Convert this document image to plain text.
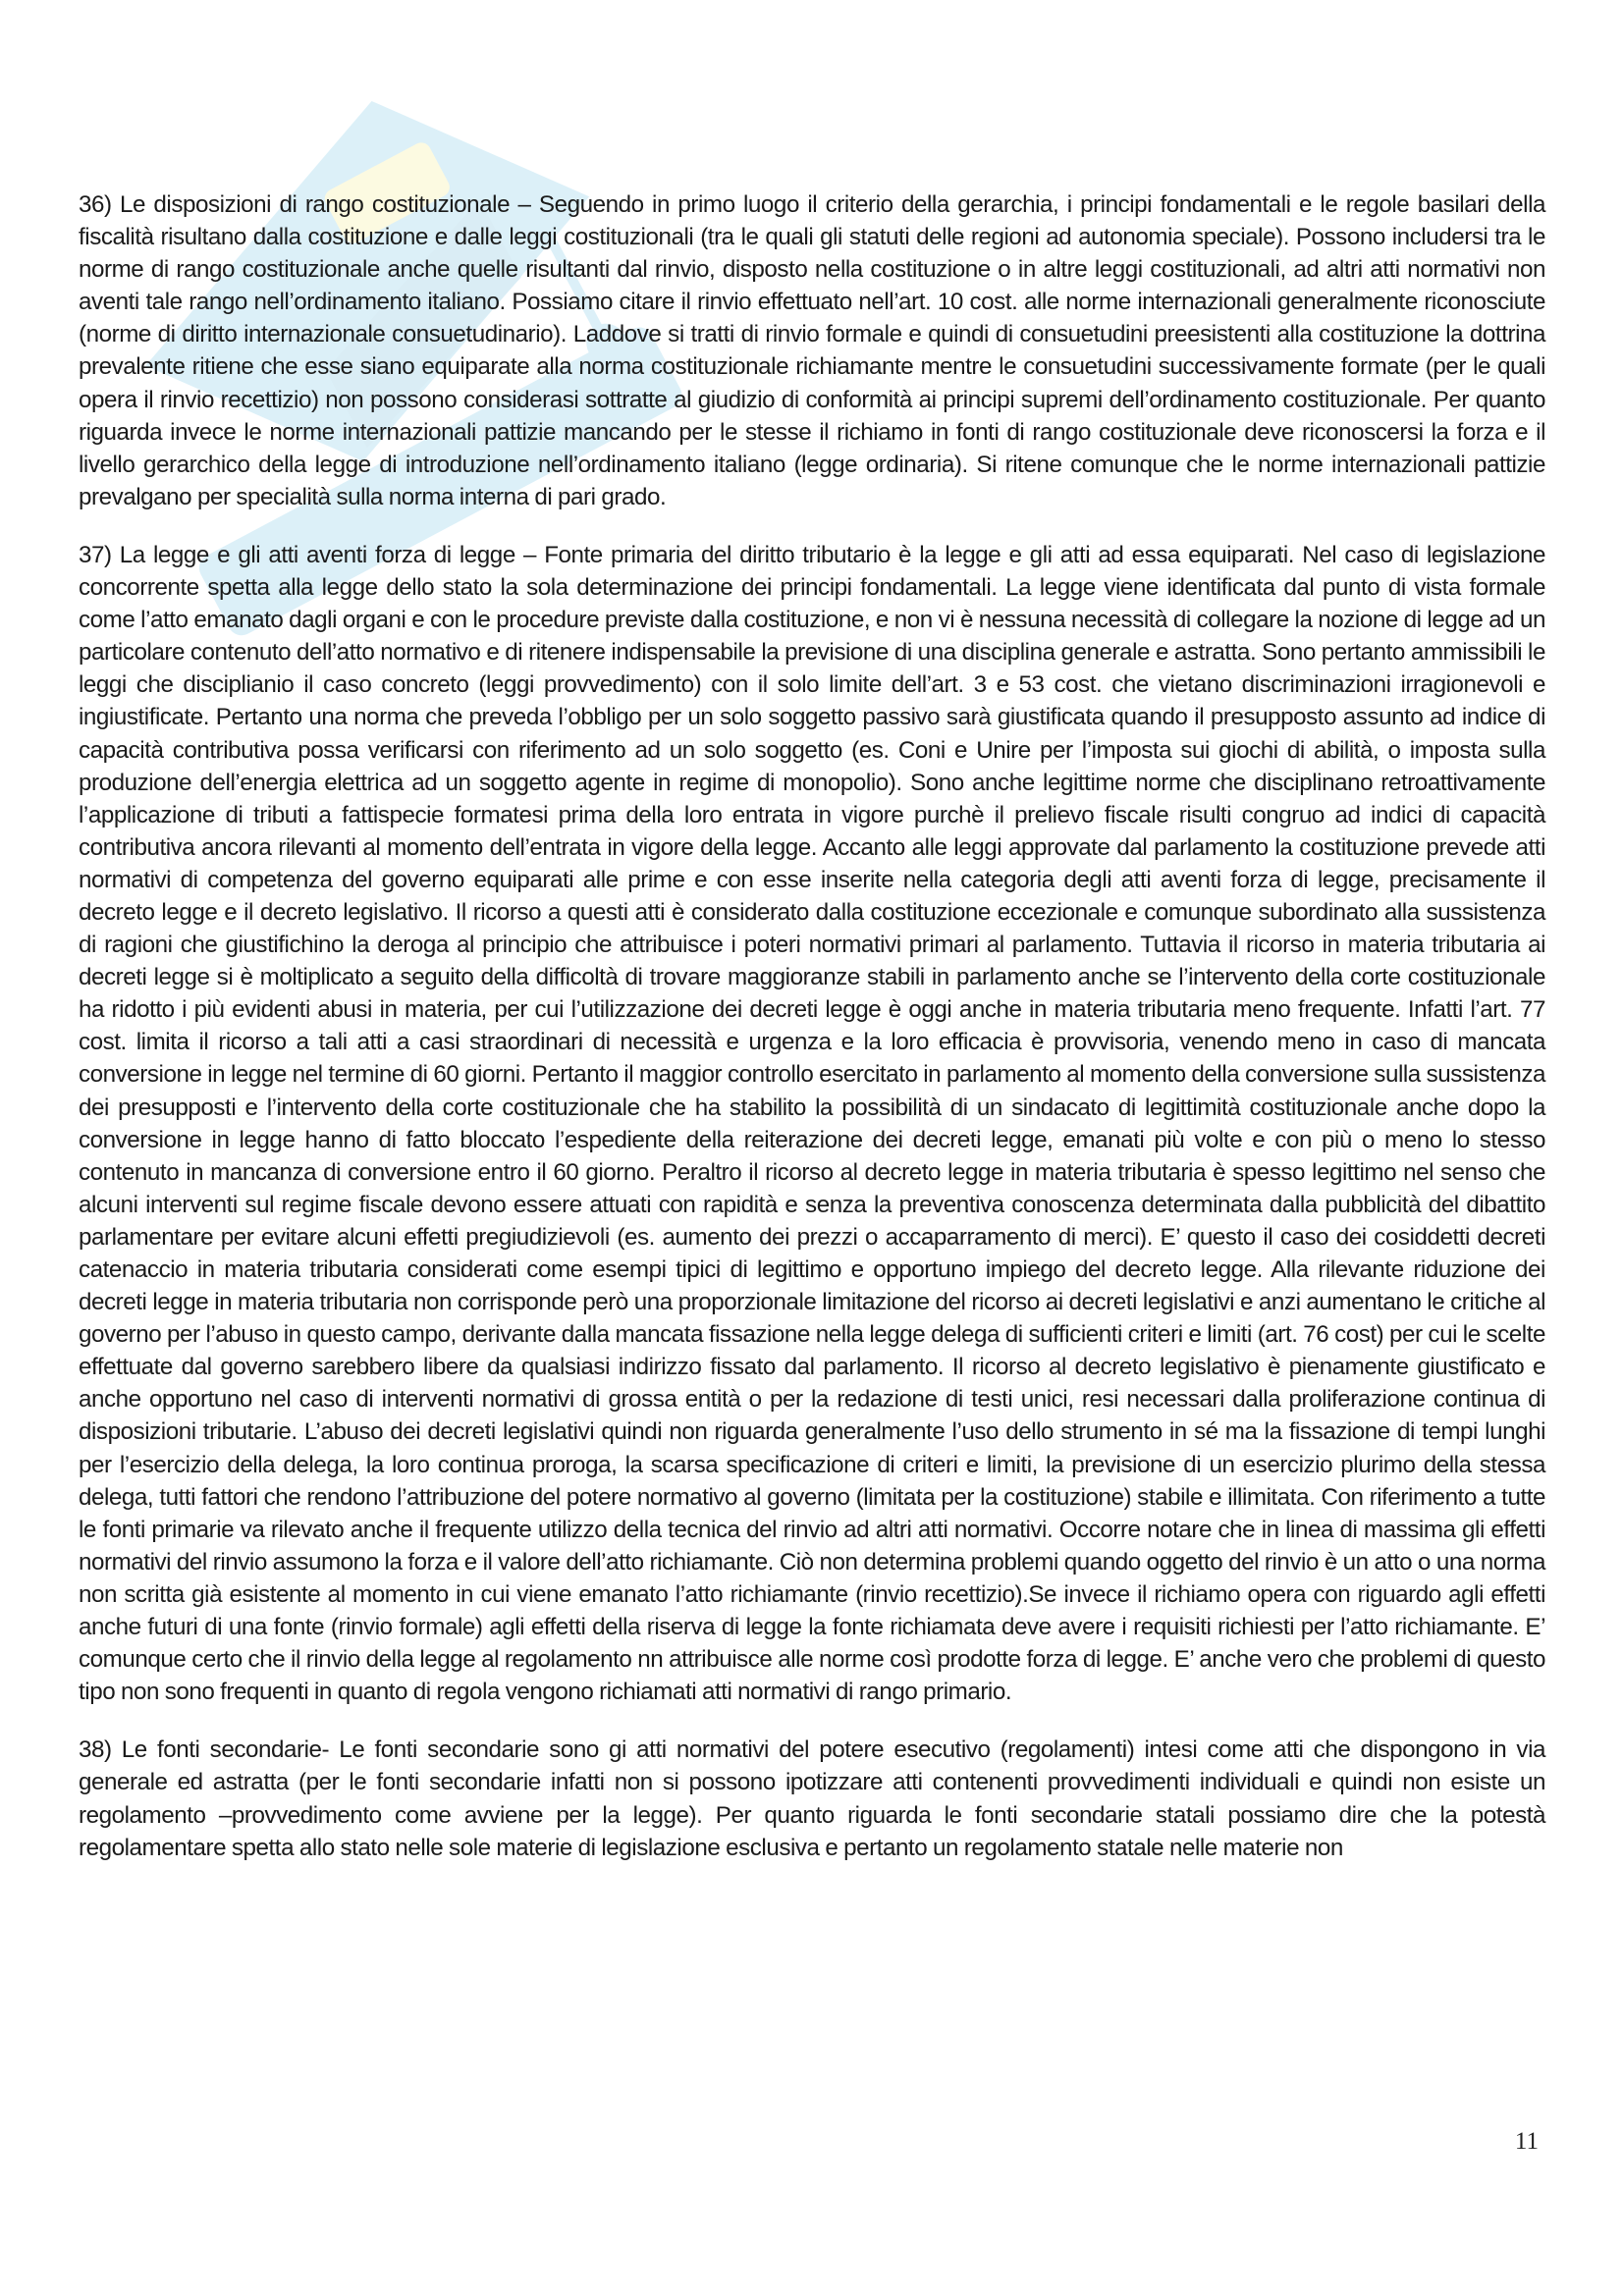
36) Le disposizioni di rango costituzionale – Seguendo in primo luogo il criterio della gerarchia, i principi fondamentali e le regole basilari della fiscalità risultano dalla costituzione e dalle leggi costituzionali (tra le quali gli statuti delle regioni ad autonomia speciale). Possono includersi tra le norme di rango costituzionale anche quelle risultanti dal rinvio, disposto nella costituzione o in altre leggi costituzionali, ad altri atti normativi non aventi tale rango nell’ordinamento italiano. Possiamo citare il rinvio effettuato nell’art. 10 cost. alle norme internazionali generalmente riconosciute (norme di diritto internazionale consuetudinario). Laddove si tratti di rinvio formale e quindi di consuetudini preesistenti alla costituzione la dottrina prevalente ritiene che esse siano equiparate alla norma costituzionale richiamante mentre le consuetudini successivamente formate (per le quali opera il rinvio recettizio) non possono considerasi sottratte al giudizio di conformità ai principi supremi dell’ordinamento costituzionale. Per quanto riguarda invece le norme internazionali pattizie mancando per le stesse il richiamo in fonti di rango costituzionale deve riconoscersi la forza e il livello gerarchico della legge di introduzione nell’ordinamento italiano (legge ordinaria). Si ritene comunque che le norme internazionali pattizie prevalgano per specialità sulla norma interna di pari grado.

37) La legge e gli atti aventi forza di legge – Fonte primaria del diritto tributario è la legge e gli atti ad essa equiparati. Nel caso di legislazione concorrente spetta alla legge dello stato la sola determinazione dei principi fondamentali. La legge viene identificata dal punto di vista formale come l’atto emanato dagli organi e con le procedure previste dalla costituzione, e non vi è nessuna necessità di collegare la nozione di legge ad un particolare contenuto dell’atto normativo e di ritenere indispensabile la previsione di una disciplina generale e astratta. Sono pertanto ammissibili le leggi che disciplianio il caso concreto (leggi provvedimento) con il solo limite dell’art. 3 e 53 cost. che vietano discriminazioni irragionevoli e ingiustificate. Pertanto una norma che preveda l’obbligo per un solo soggetto passivo sarà giustificata quando il presupposto assunto ad indice di capacità contributiva possa verificarsi con riferimento ad un solo soggetto (es. Coni e Unire per l’imposta sui giochi di abilità, o imposta sulla produzione dell’energia elettrica ad un soggetto agente in regime di monopolio). Sono anche legittime norme che disciplinano retroattivamente l’applicazione di tributi a fattispecie formatesi prima della loro entrata in vigore purchè il prelievo fiscale risulti congruo ad indici di capacità contributiva ancora rilevanti al momento dell’entrata in vigore della legge. Accanto alle leggi approvate dal parlamento la costituzione prevede atti normativi di competenza del governo equiparati alle prime e con esse inserite nella categoria degli atti aventi forza di legge, precisamente il decreto legge e il decreto legislativo. Il ricorso a questi atti è considerato dalla costituzione eccezionale e comunque subordinato alla sussistenza di ragioni che giustifichino la deroga al principio che attribuisce i poteri normativi primari al parlamento. Tuttavia il ricorso in materia tributaria ai decreti legge si è moltiplicato a seguito della difficoltà di trovare maggioranze stabili in parlamento anche se l’intervento della corte costituzionale ha ridotto i più evidenti abusi in materia, per cui l’utilizzazione dei decreti legge è oggi anche in materia tributaria meno frequente. Infatti l’art. 77 cost. limita il ricorso a tali atti a casi straordinari di necessità e urgenza e la loro efficacia è provvisoria, venendo meno in caso di mancata conversione in legge nel termine di 60 giorni. Pertanto il maggior controllo esercitato in parlamento al momento della conversione sulla sussistenza dei presupposti e l’intervento della corte costituzionale che ha stabilito la possibilità di un sindacato di legittimità costituzionale anche dopo la conversione in legge hanno di fatto bloccato l’espediente della reiterazione dei decreti legge, emanati più volte e con più o meno lo stesso contenuto in mancanza di conversione entro il 60 giorno. Peraltro il ricorso al decreto legge in materia tributaria è spesso legittimo nel senso che alcuni interventi sul regime fiscale devono essere attuati con rapidità e senza la preventiva conoscenza determinata dalla pubblicità del dibattito parlamentare per evitare alcuni effetti pregiudizievoli (es. aumento dei prezzi o accaparramento di merci). E’ questo il caso dei cosiddetti decreti catenaccio in materia tributaria considerati come esempi tipici di legittimo e opportuno impiego del decreto legge. Alla rilevante riduzione dei decreti legge in materia tributaria non corrisponde però una proporzionale limitazione del ricorso ai decreti legislativi e anzi aumentano le critiche al governo per l’abuso in questo campo, derivante dalla mancata fissazione nella legge delega di sufficienti criteri e limiti (art. 76 cost) per cui le scelte effettuate dal governo sarebbero libere da qualsiasi indirizzo fissato dal parlamento. Il ricorso al decreto legislativo è pienamente giustificato e anche opportuno nel caso di interventi normativi di grossa entità o per la redazione di testi unici, resi necessari dalla proliferazione continua di disposizioni tributarie. L’abuso dei decreti legislativi quindi non riguarda generalmente l’uso dello strumento in sé ma la fissazione di tempi lunghi per l’esercizio della delega, la loro continua proroga, la scarsa specificazione di criteri e limiti, la previsione di un esercizio plurimo della stessa delega, tutti fattori che rendono l’attribuzione del potere normativo al governo (limitata per la costituzione) stabile e illimitata. Con riferimento a tutte le fonti primarie va rilevato anche il frequente utilizzo della tecnica del rinvio ad altri atti normativi. Occorre notare che in linea di massima gli effetti normativi del rinvio assumono la forza e il valore dell’atto richiamante. Ciò non determina problemi quando oggetto del rinvio è un atto o una norma non scritta già esistente al momento in cui viene emanato l’atto richiamante (rinvio recettizio).Se invece il richiamo opera con riguardo agli effetti anche futuri di una fonte (rinvio formale) agli effetti della riserva di legge la fonte richiamata deve avere i requisiti richiesti per l’atto richiamante. E’ comunque certo che il rinvio della legge al regolamento nn attribuisce alle norme così prodotte forza di legge. E’ anche vero che problemi di questo tipo non sono frequenti in quanto di regola vengono richiamati atti normativi di rango primario.

38) Le fonti secondarie- Le fonti secondarie sono gi atti normativi del potere esecutivo (regolamenti) intesi come atti che dispongono in via generale ed astratta (per le fonti secondarie infatti non si possono ipotizzare atti contenenti provvedimenti individuali e quindi non esiste un regolamento –provvedimento come avviene per la legge). Per quanto riguarda le fonti secondarie statali possiamo dire che la potestà regolamentare spetta allo stato nelle sole materie di legislazione esclusiva e pertanto un regolamento statale nelle materie non

11
